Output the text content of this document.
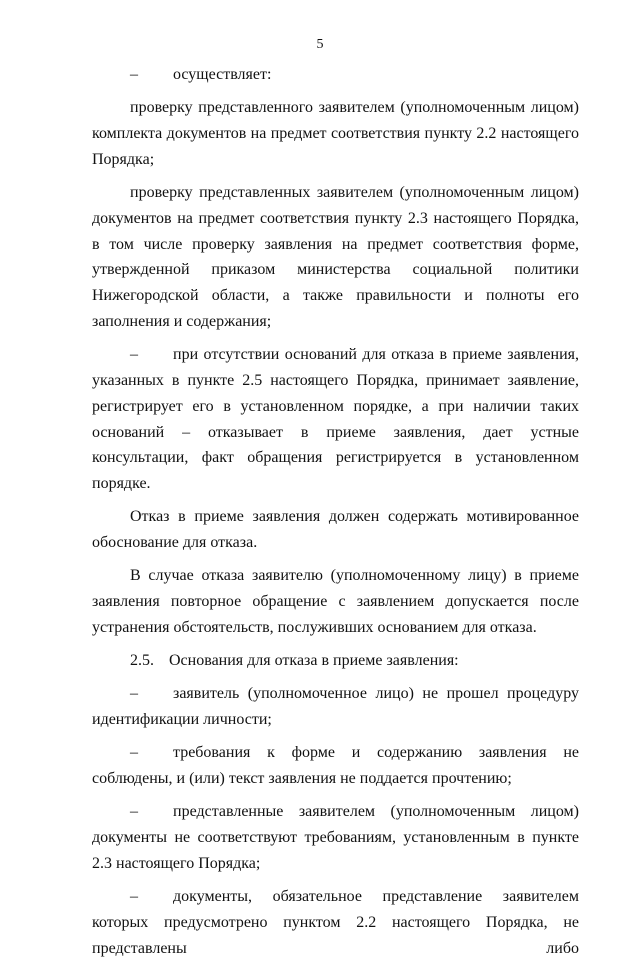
5

– осуществляет:

проверку представленного заявителем (уполномоченным лицом) комплекта документов на предмет соответствия пункту 2.2 настоящего Порядка;

проверку представленных заявителем (уполномоченным лицом) документов на предмет соответствия пункту 2.3 настоящего Порядка, в том числе проверку заявления на предмет соответствия форме, утвержденной приказом министерства социальной политики Нижегородской области, а также правильности и полноты его заполнения и содержания;

– при отсутствии оснований для отказа в приеме заявления, указанных в пункте 2.5 настоящего Порядка, принимает заявление, регистрирует его в установленном порядке, а при наличии таких оснований – отказывает в приеме заявления, дает устные консультации, факт обращения регистрируется в установленном порядке.

Отказ в приеме заявления должен содержать мотивированное обоснование для отказа.

В случае отказа заявителю (уполномоченному лицу) в приеме заявления повторное обращение с заявлением допускается после устранения обстоятельств, послуживших основанием для отказа.

2.5. Основания для отказа в приеме заявления:

– заявитель (уполномоченное лицо) не прошел процедуру идентификации личности;

– требования к форме и содержанию заявления не соблюдены, и (или) текст заявления не поддается прочтению;

– представленные заявителем (уполномоченным лицом) документы не соответствуют требованиям, установленным в пункте 2.3 настоящего Порядка;

– документы, обязательное представление заявителем которых предусмотрено пунктом 2.2 настоящего Порядка, не представлены либо
